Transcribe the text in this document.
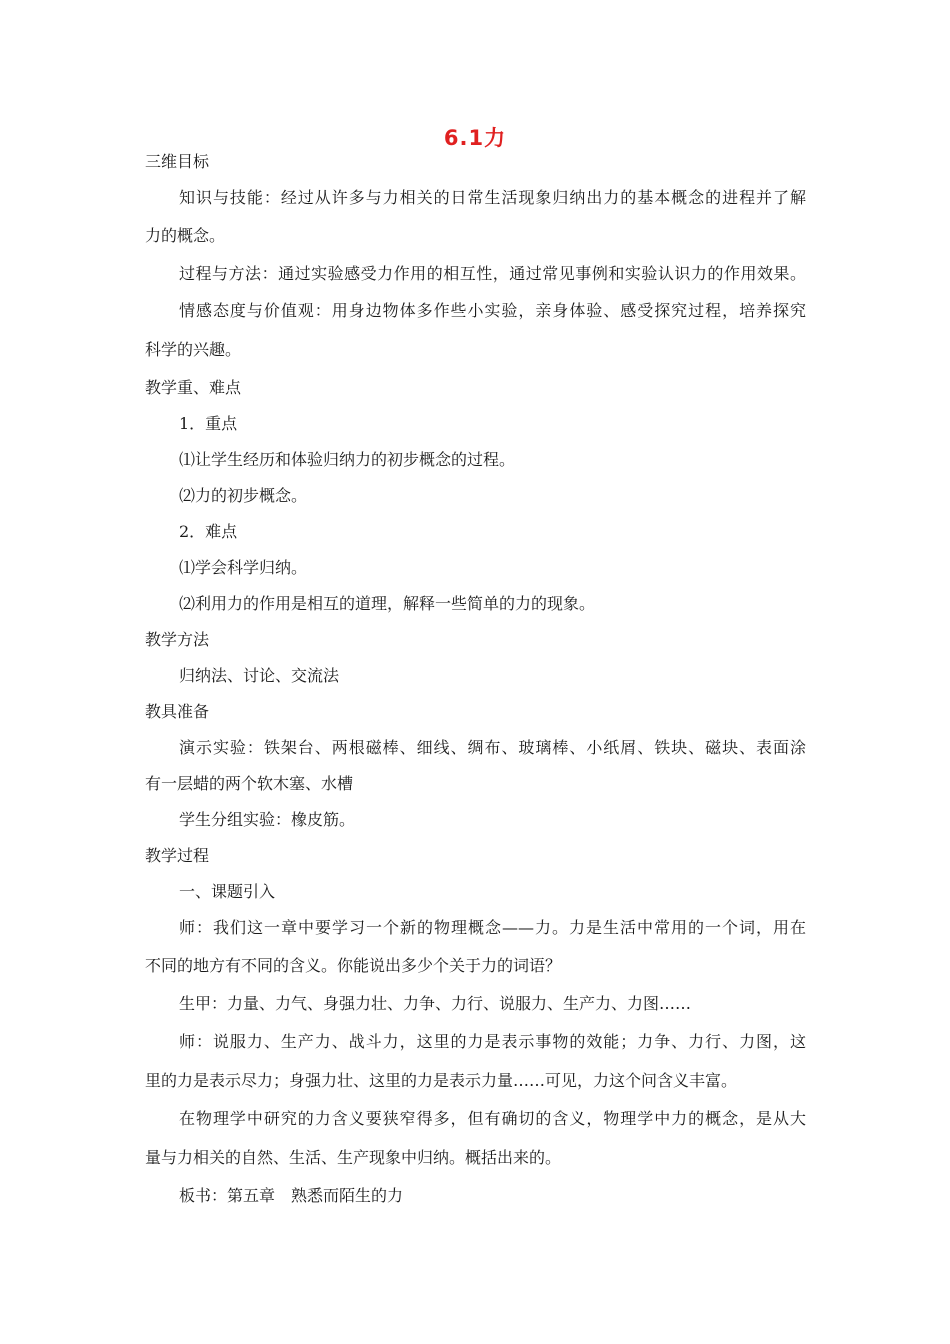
6.1力
三维目标
知识与技能：经过从许多与力相关的日常生活现象归纳出力的基本概念的进程并了解
力的概念。
过程与方法：通过实验感受力作用的相互性，通过常见事例和实验认识力的作用效果。
情感态度与价值观：用身边物体多作些小实验，亲身体验、感受探究过程，培养探究
科学的兴趣。
教学重、难点
1．重点
⑴让学生经历和体验归纳力的初步概念的过程。
⑵力的初步概念。
2．难点
⑴学会科学归纳。
⑵利用力的作用是相互的道理，解释一些简单的力的现象。
教学方法
归纳法、讨论、交流法
教具准备
演示实验：铁架台、两根磁棒、细线、绸布、玻璃棒、小纸屑、铁块、磁块、表面涂
有一层蜡的两个软木塞、水槽
学生分组实验：橡皮筋。
教学过程
一、课题引入
师：我们这一章中要学习一个新的物理概念——力。力是生活中常用的一个词，用在
不同的地方有不同的含义。你能说出多少个关于力的词语？
生甲：力量、力气、身强力壮、力争、力行、说服力、生产力、力图……
师：说服力、生产力、战斗力，这里的力是表示事物的效能；力争、力行、力图，这
里的力是表示尽力；身强力壮、这里的力是表示力量……可见，力这个问含义丰富。
在物理学中研究的力含义要狭窄得多，但有确切的含义，物理学中力的概念，是从大
量与力相关的自然、生活、生产现象中归纳。概括出来的。
板书：第五章　熟悉而陌生的力
